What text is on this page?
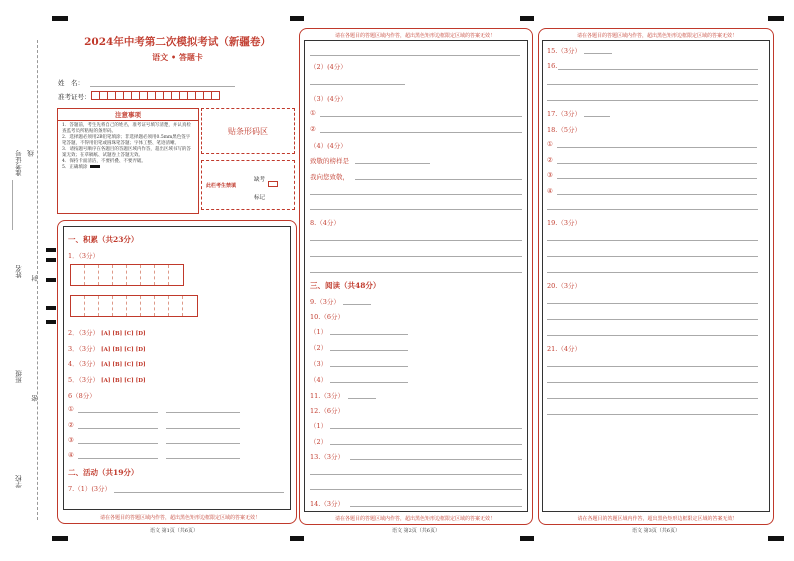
准考证号 线
姓名
封
班级
密
学校
2024年中考第二次模拟考试（新疆卷）
语文 • 答题卡
姓　名：
准考证号：
注意事项
1．答题前，考生先将自己的姓名，准考证号填写清楚，并认真检查监考员所粘贴的条形码。
2．选择题必须用2B铅笔填涂；非选择题必须用0.5mm黑色签字笔答题，不得用铅笔或圆珠笔答题；字体工整、笔迹清晰。
3．请按题号顺序在各题目的答题区域内作答，超出区域书写的答案无效；在草稿纸、试题卷上答题无效。
4．保持卡面清洁，不要折叠、不要弄破。
5．正确填涂
贴条形码区
此栏考生禁填
缺考
标记
一、积累（共23分）
1．（3分）
2．（3分） [A] [B] [C] [D]
3．（3分） [A] [B] [C] [D]
4．（3分） [A] [B] [C] [D]
5．（3分） [A] [B] [C] [D]
6（8分）
①
②
③
④
二、活动（共19分）
7.（1）(3分）
请在各题目的答题区域内作答，超出黑色矩形边框限定区域的答案无效！
语文 第1页（共6页）
请在各题目的答题区域内作答，超出黑色矩形边框限定区域的答案无效！
（2）(4分）
（3）(4分）
①
②
（4）(4分）
致敬的榜样是
我向您致敬，
8.（4分）
三、阅读（共48分）
9.（3分）
10.（6分）
（1）
（2）
（3）
（4）
11.（3分）
12.（6分）
（1）
（2）
13.（3分）
14.（3分）
请在各题目的答题区域内作答，超出黑色矩形边框限定区域的答案无效！
语文 第2页（共6页）
请在各题目的答题区域内作答，超出黑色矩形边框限定区域的答案无效！
15.（3分）
16.
17.（3分）
18.（5分）
①
②
③
④
19.（3分）
20.（3分）
21.（4分）
请在各题目的答题区域内作答，超出黑色矩形边框限定区域的答案无效！
语文 第3页（共6页）
